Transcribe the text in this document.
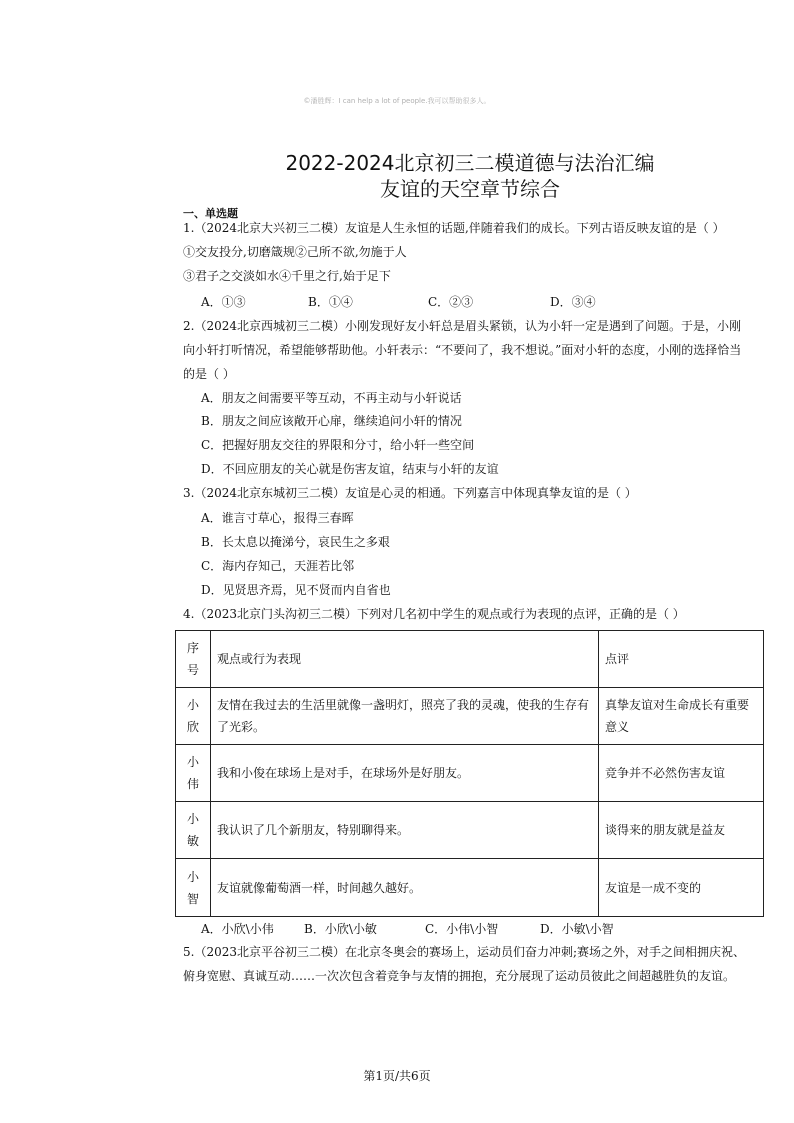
©潘胜辉：I can help a lot of people.我可以帮助很多人。
2022-2024北京初三二模道德与法治汇编
友谊的天空章节综合
一、单选题
1.（2024北京大兴初三二模）友谊是人生永恒的话题,伴随着我们的成长。下列古语反映友谊的是（ ）
①交友投分,切磨箴规②己所不欲,勿施于人
③君子之交淡如水④千里之行,始于足下
A．①③	B．①④	C．②③	D．③④
2.（2024北京西城初三二模）小刚发现好友小轩总是眉头紧锁，认为小轩一定是遇到了问题。于是，小刚
向小轩打听情况，希望能够帮助他。小轩表示：“不要问了，我不想说。”面对小轩的态度，小刚的选择恰当
的是（ ）
A．朋友之间需要平等互动，不再主动与小轩说话
B．朋友之间应该敞开心扉，继续追问小轩的情况
C．把握好朋友交往的界限和分寸，给小轩一些空间
D．不回应朋友的关心就是伤害友谊，结束与小轩的友谊
3.（2024北京东城初三二模）友谊是心灵的相通。下列嘉言中体现真挚友谊的是（ ）
A．谁言寸草心，报得三春晖
B．长太息以掩涕兮，哀民生之多艰
C．海内存知己，天涯若比邻
D．见贤思齐焉，见不贤而内自省也
4.（2023北京门头沟初三二模）下列对几名初中学生的观点或行为表现的点评，正确的是（ ）
序号	观点或行为表现	点评
小欣	友情在我过去的生活里就像一盏明灯，照亮了我的灵魂，使我的生存有了光彩。	真挚友谊对生命成长有重要意义
小伟	我和小俊在球场上是对手，在球场外是好朋友。	竞争并不必然伤害友谊
小敏	我认识了几个新朋友，特别聊得来。	谈得来的朋友就是益友
小智	友谊就像葡萄酒一样，时间越久越好。	友谊是一成不变的
A．小欣\小伟	B．小欣\小敏	C．小伟\小智	D．小敏\小智
5.（2023北京平谷初三二模）在北京冬奥会的赛场上，运动员们奋力冲刺;赛场之外，对手之间相拥庆祝、
俯身宽慰、真诚互动……一次次包含着竞争与友情的拥抱，充分展现了运动员彼此之间超越胜负的友谊。
第1页/共6页
